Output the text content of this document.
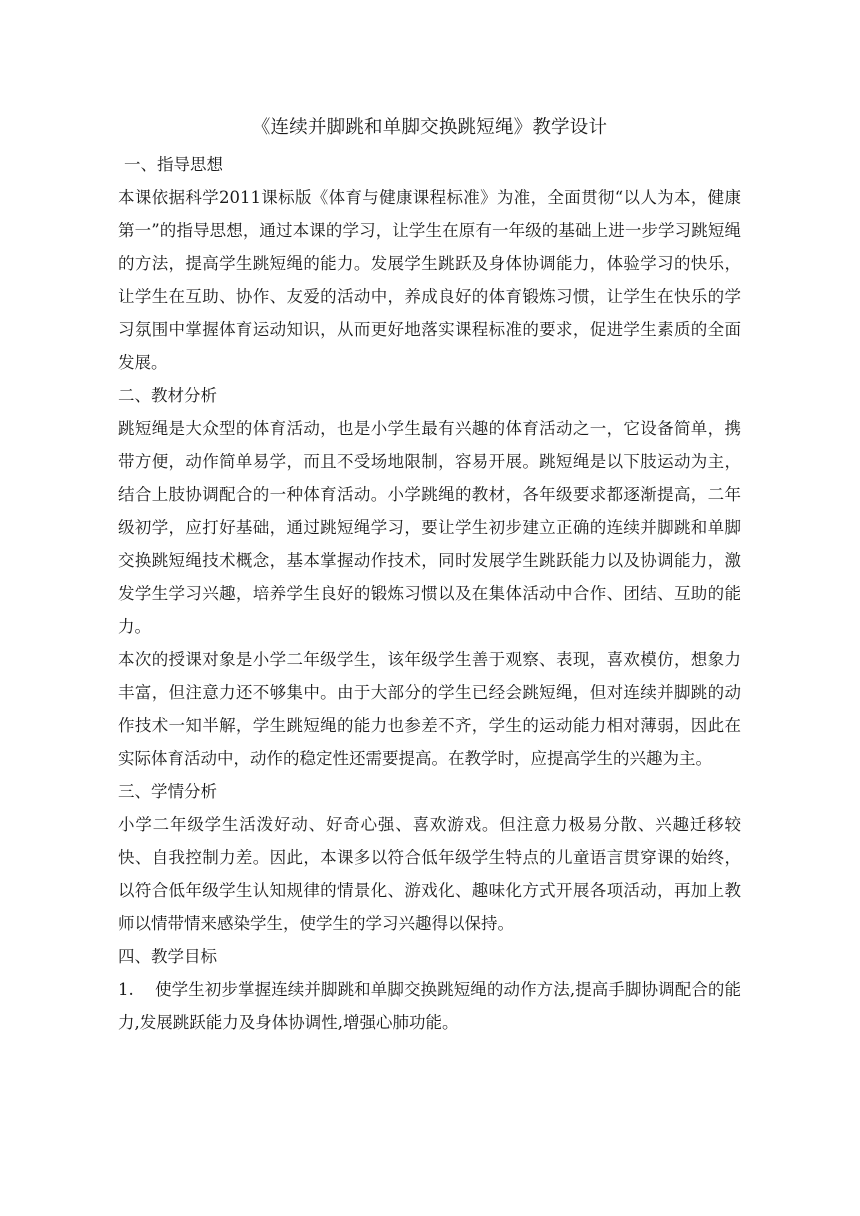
《连续并脚跳和单脚交换跳短绳》教学设计

一、指导思想

本课依据科学2011课标版《体育与健康课程标准》为准，全面贯彻“以人为本，健康第一”的指导思想，通过本课的学习，让学生在原有一年级的基础上进一步学习跳短绳的方法，提高学生跳短绳的能力。发展学生跳跃及身体协调能力，体验学习的快乐，让学生在互助、协作、友爱的活动中，养成良好的体育锻炼习惯，让学生在快乐的学习氛围中掌握体育运动知识，从而更好地落实课程标准的要求，促进学生素质的全面发展。

二、教材分析

跳短绳是大众型的体育活动，也是小学生最有兴趣的体育活动之一，它设备简单，携带方便，动作简单易学，而且不受场地限制，容易开展。跳短绳是以下肢运动为主，结合上肢协调配合的一种体育活动。小学跳绳的教材，各年级要求都逐渐提高，二年级初学，应打好基础，通过跳短绳学习，要让学生初步建立正确的连续并脚跳和单脚交换跳短绳技术概念，基本掌握动作技术，同时发展学生跳跃能力以及协调能力，激发学生学习兴趣，培养学生良好的锻炼习惯以及在集体活动中合作、团结、互助的能力。

本次的授课对象是小学二年级学生，该年级学生善于观察、表现，喜欢模仿，想象力丰富，但注意力还不够集中。由于大部分的学生已经会跳短绳，但对连续并脚跳的动作技术一知半解，学生跳短绳的能力也参差不齐，学生的运动能力相对薄弱，因此在实际体育活动中，动作的稳定性还需要提高。在教学时，应提高学生的兴趣为主。

三、学情分析

小学二年级学生活泼好动、好奇心强、喜欢游戏。但注意力极易分散、兴趣迁移较快、自我控制力差。因此，本课多以符合低年级学生特点的儿童语言贯穿课的始终，以符合低年级学生认知规律的情景化、游戏化、趣味化方式开展各项活动，再加上教师以情带情来感染学生，使学生的学习兴趣得以保持。

四、教学目标

1.    使学生初步掌握连续并脚跳和单脚交换跳短绳的动作方法,提高手脚协调配合的能力,发展跳跃能力及身体协调性,增强心肺功能。
